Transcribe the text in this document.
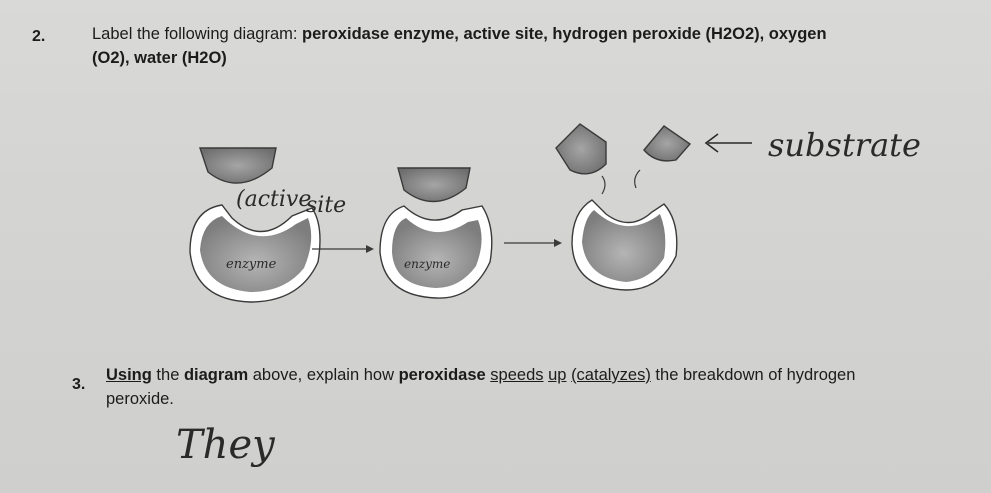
2.	Label the following diagram: peroxidase enzyme, active site, hydrogen peroxide (H2O2), oxygen
(O2), water (H2O)
substrate
(active
site
enzyme	enzyme
3.
Using the diagram above, explain how peroxidase speeds up (catalyzes) the breakdown of hydrogen
peroxide.
They
